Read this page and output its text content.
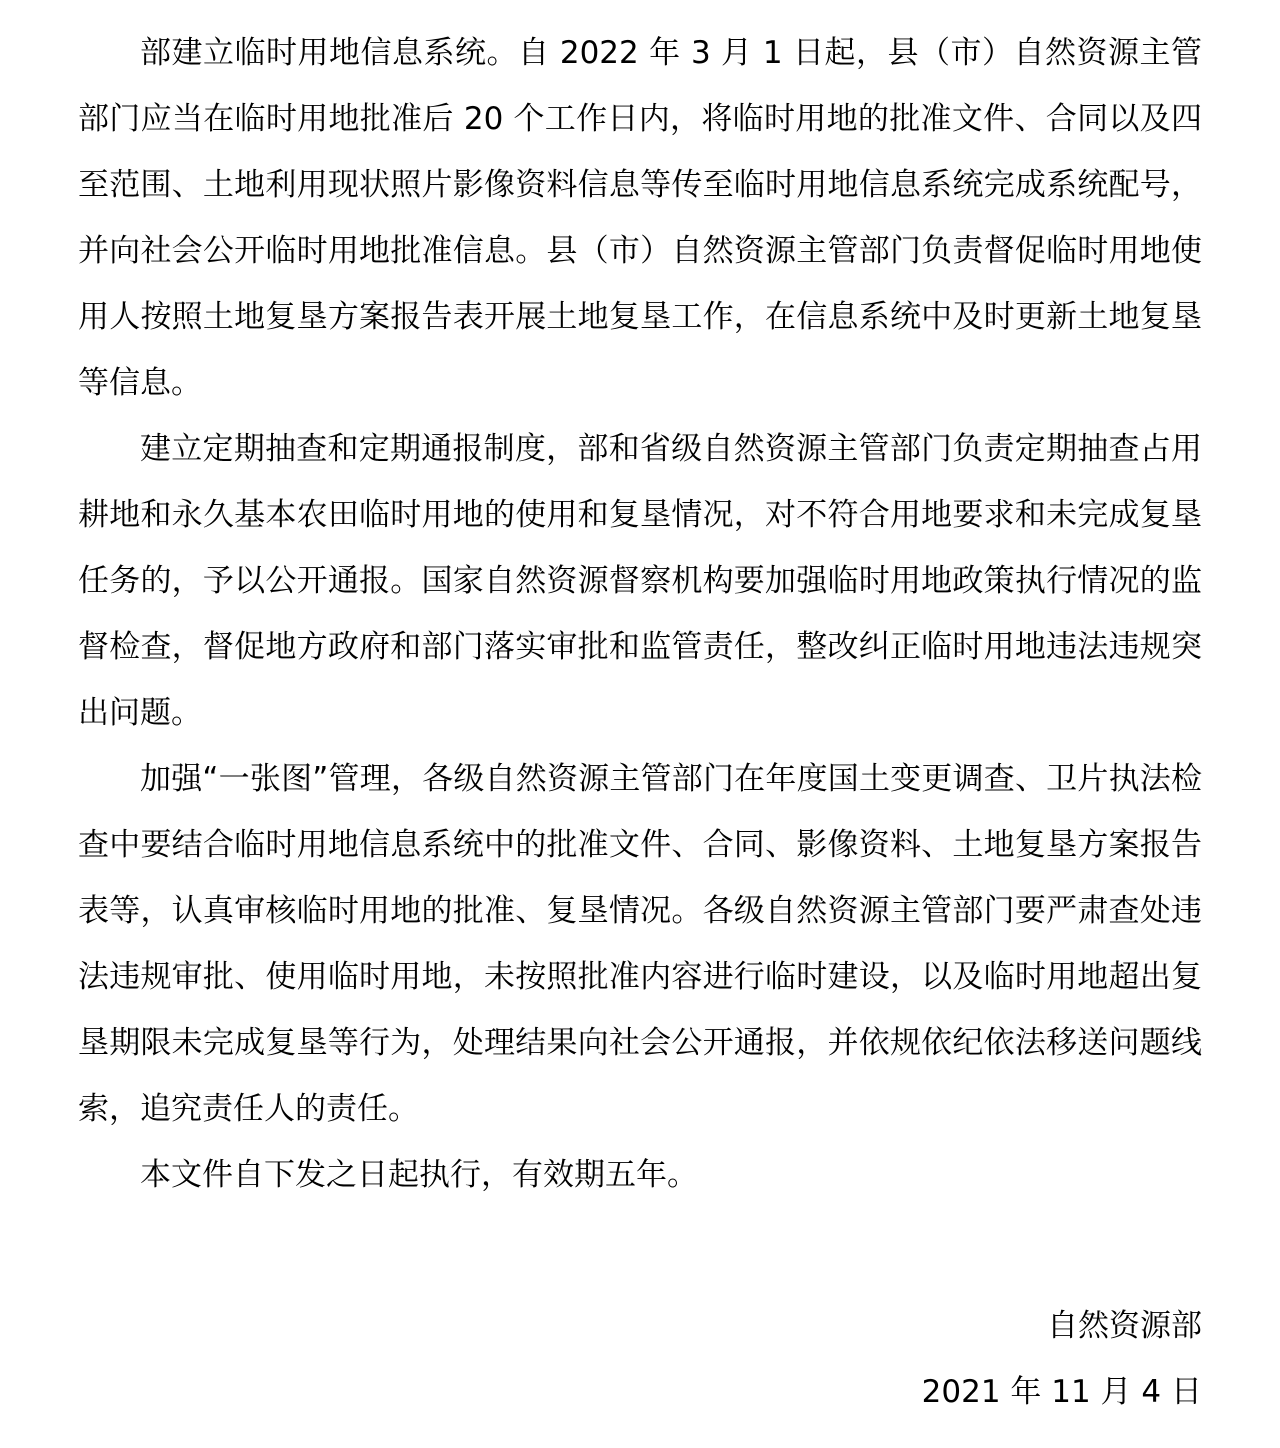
部建立临时用地信息系统。自 2022 年 3 月 1 日起，县（市）自然资源主管部门应当在临时用地批准后 20 个工作日内，将临时用地的批准文件、合同以及四至范围、土地利用现状照片影像资料信息等传至临时用地信息系统完成系统配号，并向社会公开临时用地批准信息。县（市）自然资源主管部门负责督促临时用地使用人按照土地复垦方案报告表开展土地复垦工作，在信息系统中及时更新土地复垦等信息。

建立定期抽查和定期通报制度，部和省级自然资源主管部门负责定期抽查占用耕地和永久基本农田临时用地的使用和复垦情况，对不符合用地要求和未完成复垦任务的，予以公开通报。国家自然资源督察机构要加强临时用地政策执行情况的监督检查，督促地方政府和部门落实审批和监管责任，整改纠正临时用地违法违规突出问题。

加强“一张图”管理，各级自然资源主管部门在年度国土变更调查、卫片执法检查中要结合临时用地信息系统中的批准文件、合同、影像资料、土地复垦方案报告表等，认真审核临时用地的批准、复垦情况。各级自然资源主管部门要严肃查处违法违规审批、使用临时用地，未按照批准内容进行临时建设，以及临时用地超出复垦期限未完成复垦等行为，处理结果向社会公开通报，并依规依纪依法移送问题线索，追究责任人的责任。

本文件自下发之日起执行，有效期五年。

自然资源部
2021 年 11 月 4 日
